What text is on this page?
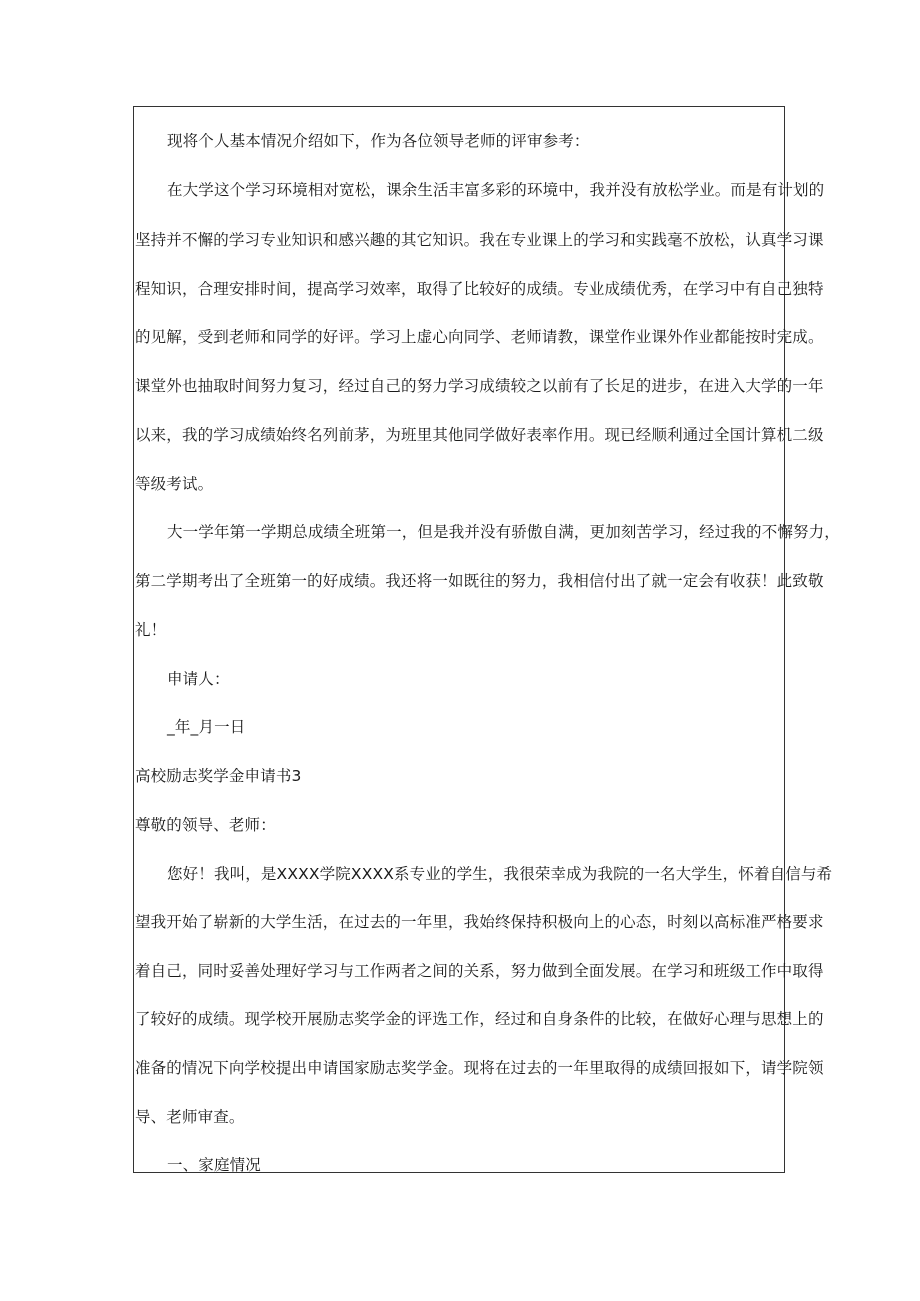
现将个人基本情况介绍如下，作为各位领导老师的评审参考：
在大学这个学习环境相对宽松，课余生活丰富多彩的环境中，我并没有放松学业。而是有计划的
坚持并不懈的学习专业知识和感兴趣的其它知识。我在专业课上的学习和实践毫不放松，认真学习课
程知识，合理安排时间，提高学习效率，取得了比较好的成绩。专业成绩优秀，在学习中有自己独特
的见解，受到老师和同学的好评。学习上虚心向同学、老师请教，课堂作业课外作业都能按时完成。
课堂外也抽取时间努力复习，经过自己的努力学习成绩较之以前有了长足的进步，在进入大学的一年
以来，我的学习成绩始终名列前茅，为班里其他同学做好表率作用。现已经顺利通过全国计算机二级
等级考试。
大一学年第一学期总成绩全班第一，但是我并没有骄傲自满，更加刻苦学习，经过我的不懈努力，
第二学期考出了全班第一的好成绩。我还将一如既往的努力，我相信付出了就一定会有收获！此致敬
礼！
申请人：
_年_月一日
高校励志奖学金申请书3
尊敬的领导、老师：
您好！我叫，是XXXX学院XXXX系专业的学生，我很荣幸成为我院的一名大学生，怀着自信与希
望我开始了崭新的大学生活，在过去的一年里，我始终保持积极向上的心态，时刻以高标准严格要求
着自己，同时妥善处理好学习与工作两者之间的关系，努力做到全面发展。在学习和班级工作中取得
了较好的成绩。现学校开展励志奖学金的评选工作，经过和自身条件的比较，在做好心理与思想上的
准备的情况下向学校提出申请国家励志奖学金。现将在过去的一年里取得的成绩回报如下，请学院领
导、老师审查。
一、家庭情况
